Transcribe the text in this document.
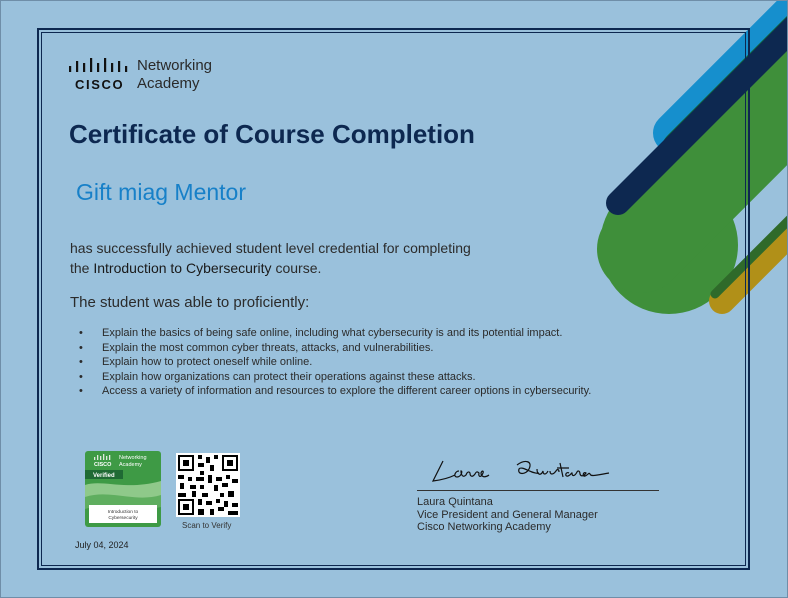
CISCO
Networking
Academy
Certificate of Course Completion
Gift miag Mentor
has successfully achieved student level credential for completing
the Introduction to Cybersecurity course.
The student was able to proficiently:
• Explain the basics of being safe online, including what cybersecurity is and its potential impact.
• Explain the most common cyber threats, attacks, and vulnerabilities.
• Explain how to protect oneself while online.
• Explain how organizations can protect their operations against these attacks.
• Access a variety of information and resources to explore the different career options in cybersecurity.
CISCO
Networking
Academy
Verified
Introduction to
Cybersecurity
Scan to Verify
July 04, 2024
Laura Quintana
Vice President and General Manager
Cisco Networking Academy
